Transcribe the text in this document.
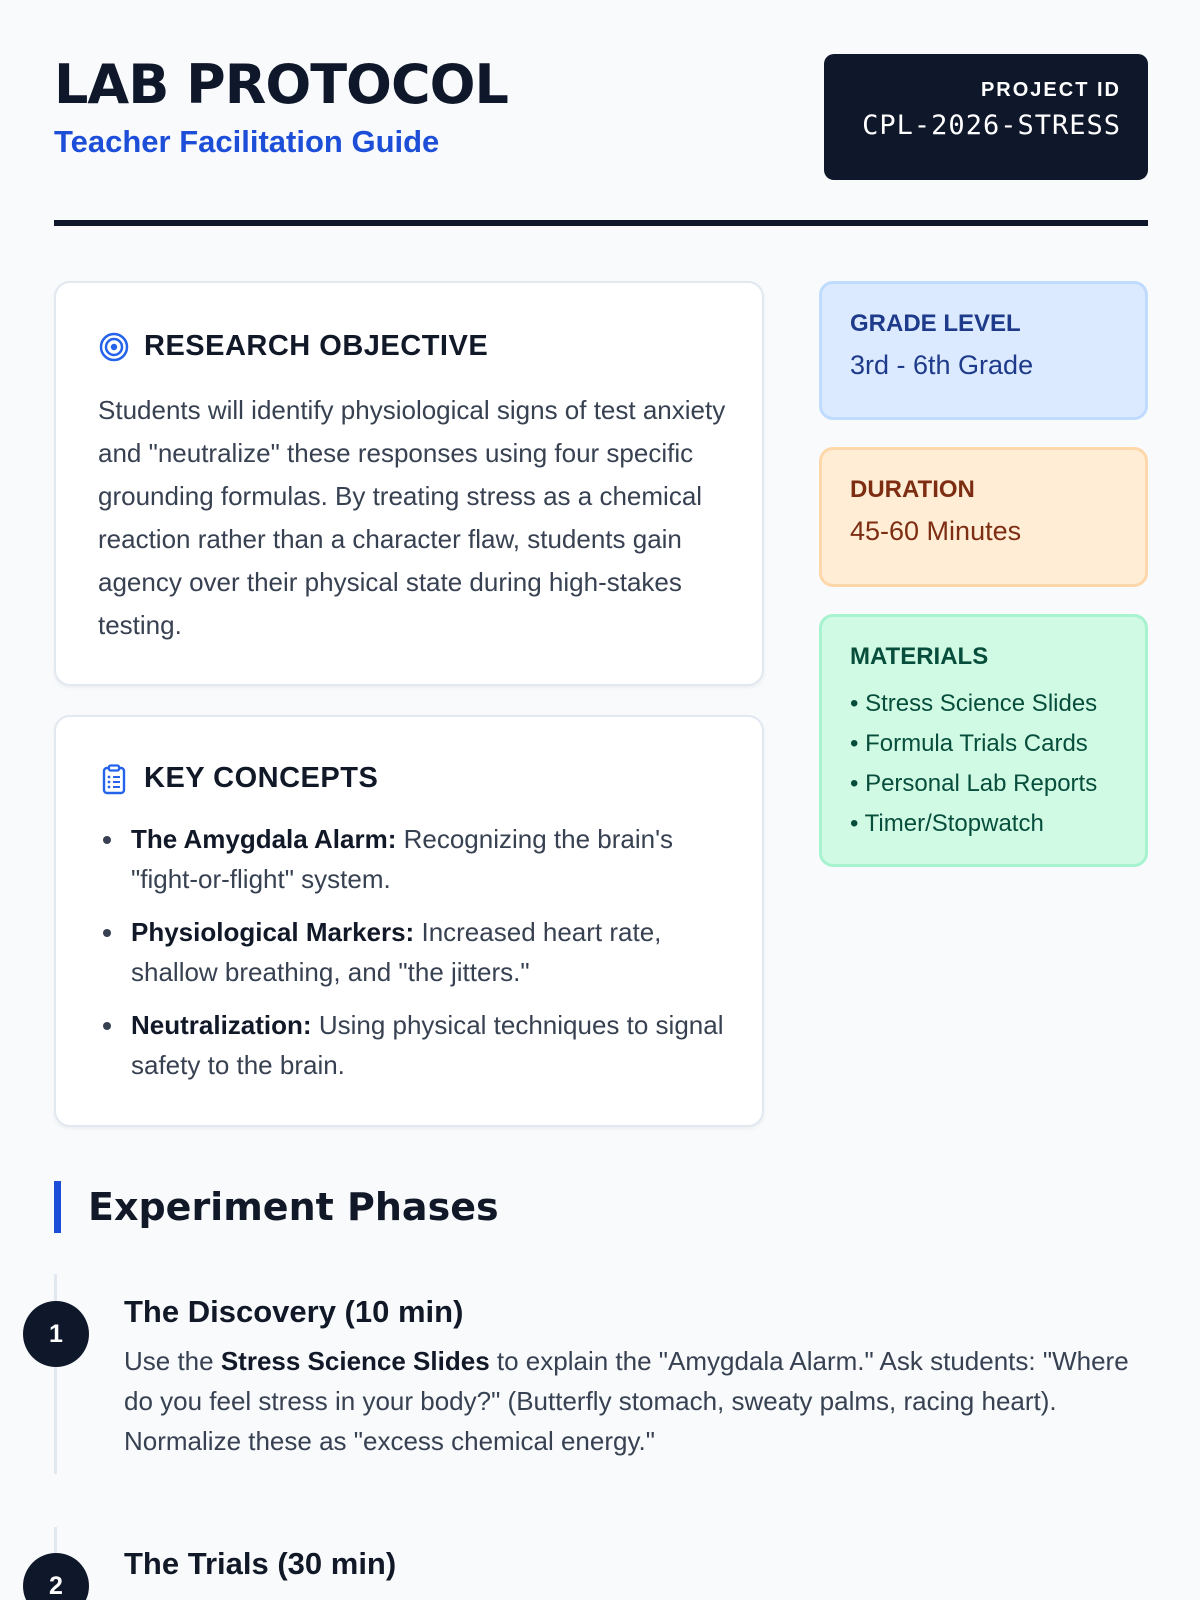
LAB PROTOCOL
Teacher Facilitation Guide
PROJECT ID
CPL-2026-STRESS
RESEARCH OBJECTIVE

Students will identify physiological signs of test anxiety and "neutralize" these responses using four specific grounding formulas. By treating stress as a chemical reaction rather than a character flaw, students gain agency over their physical state during high-stakes testing.

KEY CONCEPTS
The Amygdala Alarm: Recognizing the brain's "fight-or-flight" system.
Physiological Markers: Increased heart rate, shallow breathing, and "the jitters."
Neutralization: Using physical techniques to signal safety to the brain.
GRADE LEVEL
3rd - 6th Grade
DURATION
45-60 Minutes
MATERIALS
• Stress Science Slides
• Formula Trials Cards
• Personal Lab Reports
• Timer/Stopwatch
Experiment Phases
1
The Discovery (10 min)

Use the Stress Science Slides to explain the "Amygdala Alarm." Ask students: "Where do you feel stress in your body?" (Butterfly stomach, sweaty palms, racing heart). Normalize these as "excess chemical energy."

2
The Trials (30 min)
